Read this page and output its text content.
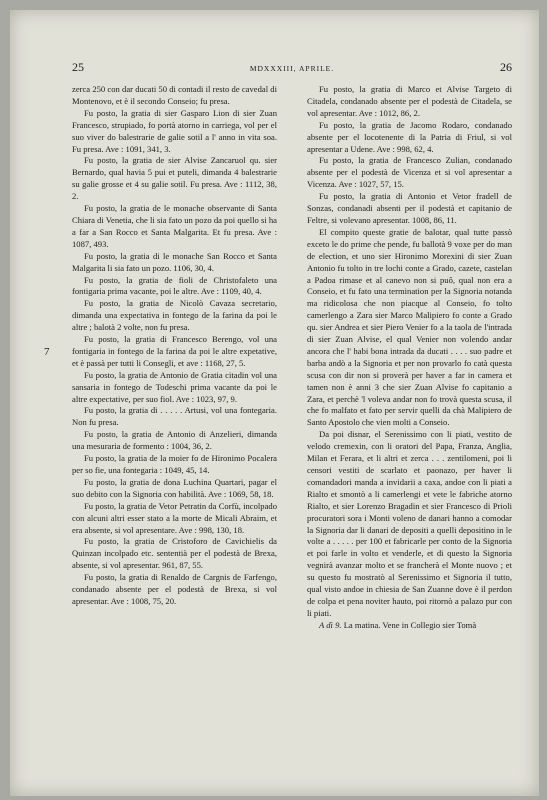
25	MDXXXIII, APRILE.	26
7

zerca 250 con dar ducati 50 di contadi il resto de cavedal di Montenovo, et è il secondo Conseio; fu presa.

Fu posto, la gratia di sier Gasparo Lion di sier Zuan Francesco, strupiado, fo portà atorno in carriega, vol per el suo viver do balestrarie de galie sotil a l' anno in vita soa. Fu presa. Ave : 1091, 341, 3.

Fu posto, la gratia de sier Alvise Zancaruol qu. sier Bernardo, qual havia 5 pui et puteli, dimanda 4 balestrarie su galie grosse et 4 su galie sotil. Fu presa. Ave : 1112, 38, 2.

Fu posto, la gratia de le monache observante di Santa Chiara di Venetia, che li sia fato un pozo da poi quello si ha a far a San Rocco et Santa Malgarita. Et fu presa. Ave : 1087, 493.

Fu posto, la gratia di le monache San Rocco et Santa Malgarita li sia fato un pozo. 1106, 30, 4.

Fu posto, la gratia de fioli de Christofaleto una fontigaria prima vacante, poi le altre. Ave : 1109, 40, 4.

Fu posto, la gratia de Nicolò Cavaza secretario, dimanda una expectativa in fontego de la farina da poi le altre ; balotà 2 volte, non fu presa.

Fu posto, la gratia di Francesco Berengo, vol una fontigaria in fontego de la farina da poi le altre expetative, et è passà per tutti li Consegli, et ave : 1168, 27, 5.

Fu posto, la gratia de Antonio de Gratia citadin vol una sansaria in fontego de Todeschi prima vacante da poi le altre expectative, per suo fiol. Ave : 1023, 97, 9.

Fu posto, la gratia di . . . . . Artusi, vol una fontegaria. Non fu presa.

Fu posto, la gratia de Antonio di Anzelieri, dimanda una mesuraria de formento : 1004, 36, 2.

Fu posto, la gratia de la moier fo de Hironimo Pocalera per so fie, una fontegaria : 1049, 45, 14.

Fu posto, la gratia de dona Luchina Quartari, pagar el suo debito con la Signoria con habilità. Ave : 1069, 58, 18.

Fu posto, la gratia de Vetor Petratin da Corfù, incolpado con alcuni altri esser stato a la morte de Micali Abraim, et era absente, si vol apresentare. Ave : 998, 130, 18.

Fu posto, la gratia de Cristoforo de Cavichielis da Quinzan incolpado etc. sententià per el podestà de Brexa, absente, si vol apresentar. 961, 87, 55.

Fu posto, la gratia di Renaldo de Cargnis de Farfengo, condanado absente per el podestà de Brexa, si vol apresentar. Ave : 1008, 75, 20.

Fu posto, la gratia di Marco et Alvise Targeto di Citadela, condanado absente per el podestà de Citadela, se vol apresentar. Ave : 1012, 86, 2.

Fu posto, la gratia de Jacomo Rodaro, condanado absente per el locotenente di la Patria di Friul, si vol apresentar a Udene. Ave : 998, 62, 4.

Fu posto, la gratia de Francesco Zulian, condanado absente per el podestà de Vicenza et si vol apresentar a Vicenza. Ave : 1027, 57, 15.

Fu posto, la gratia di Antonio et Vetor fradell de Sonzas, condanadi absenti per il podestà et capitanio de Feltre, si volevano apresentar. 1008, 86, 11.

El compito queste gratie de balotar, qual tutte passò exceto le do prime che pende, fu ballotà 9 voxe per do man de election, et uno sier Hironimo Morexini di sier Zuan Antonio fu tolto in tre lochi conte a Grado, cazete, castelan a Padoa rimase et al canevo non si puô, qual non era a Conseio, et fu fato una termination per la Signoria notanda ma ridicolosa che non piacque al Conseio, fo tolto camerlengo a Zara sier Marco Malipiero fo conte a Grado qu. sier Andrea et sier Piero Venier fo a la taola de l'intrada di sier Zuan Alvise, el qual Venier non volendo andar ancora che l' habi bona intrada da ducati . . . . suo padre et barba andò a la Signoria et per non provarlo fo catà questa scusa con dir non si proverà per haver a far in camera et tamen non è anni 3 che sier Zuan Alvise fo capitanio a Zara, et perchè 'l voleva andar non fo trovà questa scusa, il che fo malfato et fato per servir quelli da chà Malipiero de Santo Apostolo che vien molti a Conseio.

Da poi disnar, el Serenissimo con li piati, vestito de velodo cremexin, con li oratori del Papa, Franza, Anglia, Milan et Ferara, et li altri et zerca . . . zentilomeni, poi li censori vestiti de scarlato et paonazo, per haver li comandadori manda a invidarii a caxa, andoe con li piati a Rialto et smontò a li camerlengi et vete le fabriche atorno Rialto, et sier Lorenzo Bragadin et sier Francesco di Prioli procuratori sora i Monti voleno de danari hanno a comodar la Signoria dar li danari de depositi a quelli depositino in le volte a . . . . . per 100 et fabricarle per conto de la Signoria et poi farle in volto et venderle, et di questo la Signoria vegnirà avanzar molto et se francherà el Monte nuovo ; et su questo fu mostratò al Serenissimo et Signoria il tutto, qual visto andoe in chiesia de San Zuanne dove è il perdon de colpa et pena noviter hauto, poi ritornò a palazo pur con li piati.

A dì 9. La matina. Vene in Collegio sier Tomà
